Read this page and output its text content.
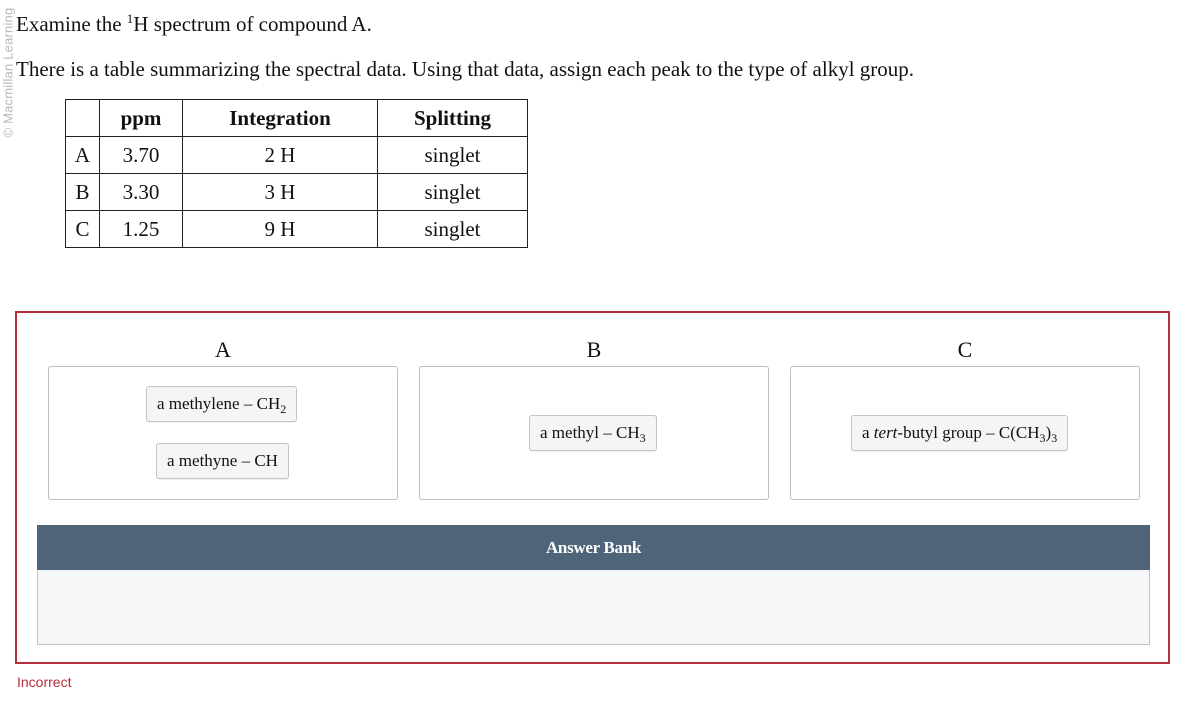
© Macmillan Learning Examine the $^1$H spectrum of compound A.
There is a table summarizing the spectral data. Using that data, assign each peak to the type of alkyl group.
	ppm	Integration	Splitting
A	3.70	2 H	singlet
B	3.30	3 H	singlet
C	1.25	9 H	singlet
A
a methylene – $CH_2$
a methyne – CH
B
a methyl – $CH_3$
C
a tert-butyl group – $C(CH_3)_3$
Answer Bank
Incorrect
